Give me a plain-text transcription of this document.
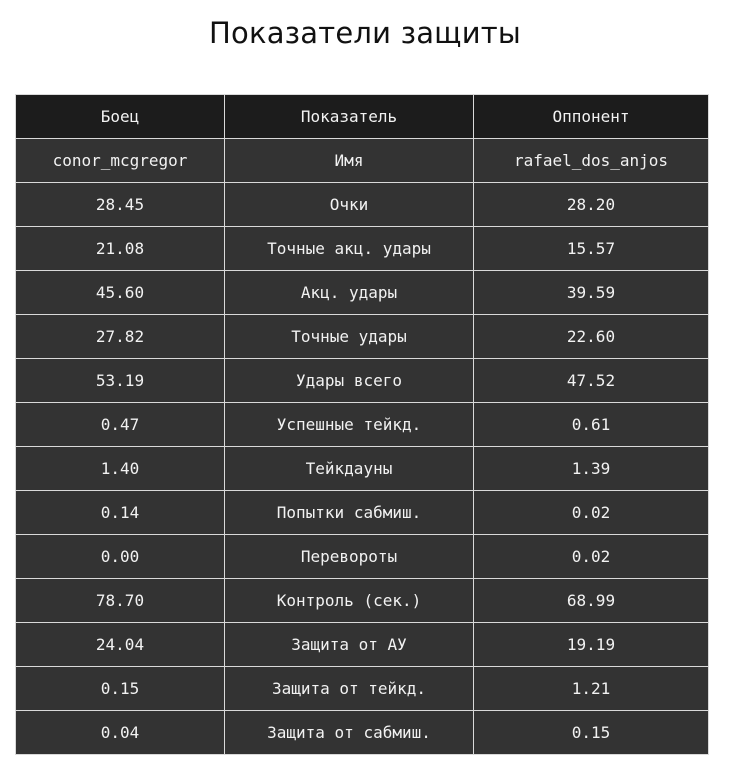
Показатели защиты
Боец	Показатель	Оппонент
conor_mcgregor	Имя	rafael_dos_anjos
28.45	Очки	28.20
21.08	Точные акц. удары	15.57
45.60	Акц. удары	39.59
27.82	Точные удары	22.60
53.19	Удары всего	47.52
0.47	Успешные тейкд.	0.61
1.40	Тейкдауны	1.39
0.14	Попытки сабмиш.	0.02
0.00	Перевороты	0.02
78.70	Контроль (сек.)	68.99
24.04	Защита от АУ	19.19
0.15	Защита от тейкд.	1.21
0.04	Защита от сабмиш.	0.15
